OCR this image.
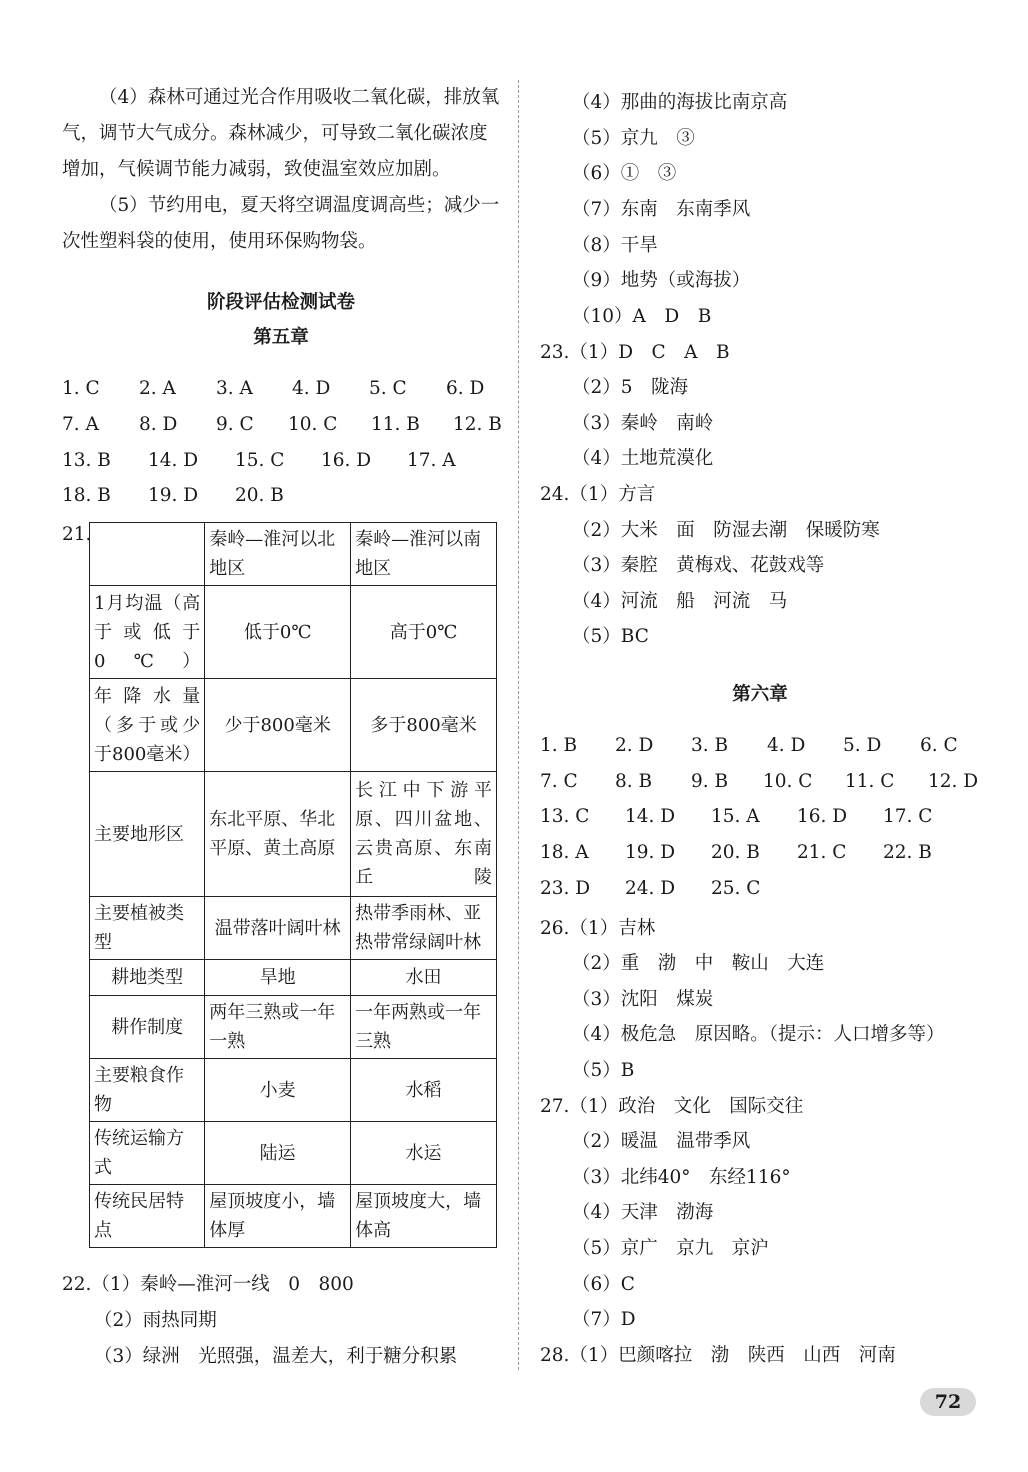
（4）森林可通过光合作用吸收二氧化碳，排放氧气，调节大气成分。森林减少，可导致二氧化碳浓度增加，气候调节能力减弱，致使温室效应加剧。
（5）节约用电，夏天将空调温度调高些；减少一次性塑料袋的使用，使用环保购物袋。
阶段评估检测试卷
第五章
1. C 2. A 3. A 4. D 5. C 6. D
7. A 8. D 9. C 10. C 11. B 12. B
13. B 14. D 15. C 16. D 17. A
18. B 19. D 20. B
21.
		秦岭—淮河以北地区	秦岭—淮河以南地区
1月均温（高于或低于0℃）	低于0℃	高于0℃
年降水量（多于或少于800毫米）	少于800毫米	多于800毫米
主要地形区	东北平原、华北平原、黄土高原	长江中下游平原、四川盆地、云贵高原、东南丘陵
主要植被类型	温带落叶阔叶林	热带季雨林、亚热带常绿阔叶林
耕地类型	旱地	水田
耕作制度	两年三熟或一年一熟	一年两熟或一年三熟
主要粮食作物	小麦	水稻
传统运输方式	陆运	水运
传统民居特点	屋顶坡度小，墙体厚	屋顶坡度大，墙体高
22.（1）秦岭—淮河一线　0　800
（2）雨热同期
（3）绿洲　光照强，温差大，利于糖分积累
（4）那曲的海拔比南京高
（5）京九　③
（6）①　③
（7）东南　东南季风
（8）干旱
（9）地势（或海拔）
（10）A　D　B
23.（1）D　C　A　B
（2）5　陇海
（3）秦岭　南岭
（4）土地荒漠化
24.（1）方言
（2）大米　面　防湿去潮　保暖防寒
（3）秦腔　黄梅戏、花鼓戏等
（4）河流　船　河流　马
（5）BC
第六章
1. B 2. D 3. B 4. D 5. D 6. C
7. C 8. B 9. B 10. C 11. C 12. D
13. C 14. D 15. A 16. D 17. C
18. A 19. D 20. B 21. C 22. B
23. D 24. D 25. C
26.（1）吉林
（2）重　渤　中　鞍山　大连
（3）沈阳　煤炭
（4）极危急　原因略。（提示：人口增多等）
（5）B
27.（1）政治　文化　国际交往
（2）暖温　温带季风
（3）北纬40°　东经116°
（4）天津　渤海
（5）京广　京九　京沪
（6）C
（7）D
28.（1）巴颜喀拉　渤　陕西　山西　河南
72
